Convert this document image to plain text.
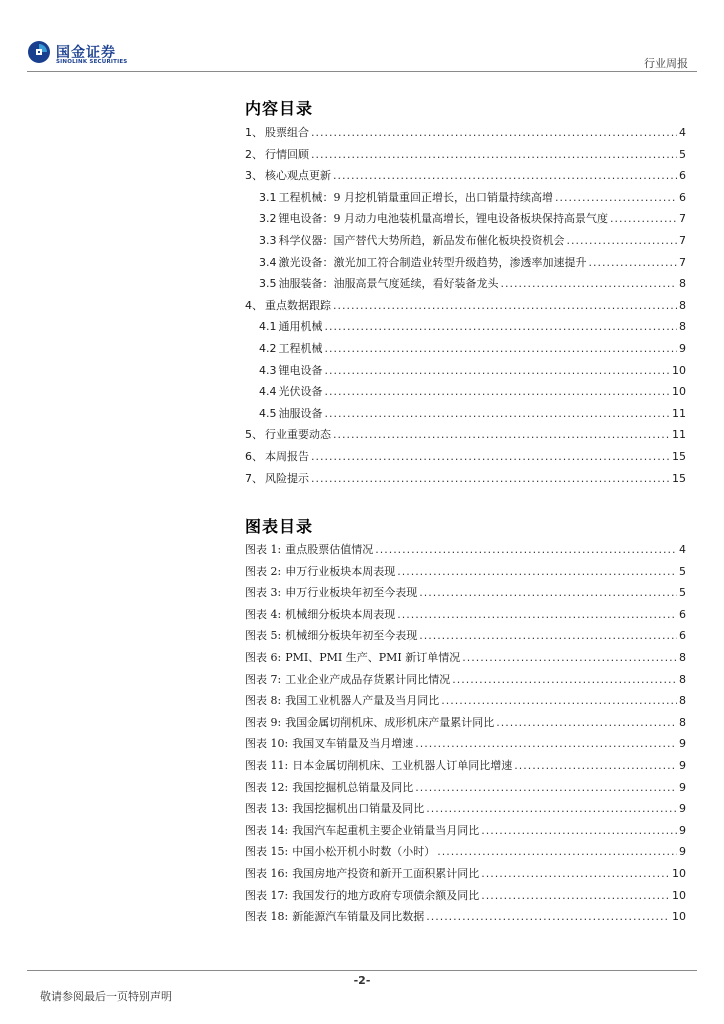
国金证券
SINOLINK SECURITIES	行业周报
内容目录
1、 股票组合 .....	4
2、 行情回顾 .....	5
3、 核心观点更新 .....	6
3.1 工程机械：9 月挖机销量重回正增长，出口销量持续高增 .....	6
3.2 锂电设备：9 月动力电池装机量高增长，锂电设备板块保持高景气度 .....	7
3.3 科学仪器：国产替代大势所趋，新品发布催化板块投资机会 .....	7
3.4 激光设备：激光加工符合制造业转型升级趋势，渗透率加速提升 .....	7
3.5 油服装备：油服高景气度延续，看好装备龙头 .....	8
4、 重点数据跟踪 .....	8
4.1 通用机械 .....	8
4.2 工程机械 .....	9
4.3 锂电设备 .....	10
4.4 光伏设备 .....	10
4.5 油服设备 .....	11
5、 行业重要动态 .....	11
6、 本周报告 .....	15
7、 风险提示 .....	15
图表目录
图表 1: 重点股票估值情况 .....	4
图表 2: 申万行业板块本周表现 .....	5
图表 3: 申万行业板块年初至今表现 .....	5
图表 4: 机械细分板块本周表现 .....	6
图表 5: 机械细分板块年初至今表现 .....	6
图表 6: PMI、PMI 生产、PMI 新订单情况 .....	8
图表 7: 工业企业产成品存货累计同比情况 .....	8
图表 8: 我国工业机器人产量及当月同比 .....	8
图表 9: 我国金属切削机床、成形机床产量累计同比 .....	8
图表 10: 我国叉车销量及当月增速 .....	9
图表 11: 日本金属切削机床、工业机器人订单同比增速 .....	9
图表 12: 我国挖掘机总销量及同比 .....	9
图表 13: 我国挖掘机出口销量及同比 .....	9
图表 14: 我国汽车起重机主要企业销量当月同比 .....	9
图表 15: 中国小松开机小时数（小时） .....	9
图表 16: 我国房地产投资和新开工面积累计同比 .....	10
图表 17: 我国发行的地方政府专项债余额及同比 .....	10
图表 18: 新能源汽车销量及同比数据 .....	10
-2-
敬请参阅最后一页特别声明
